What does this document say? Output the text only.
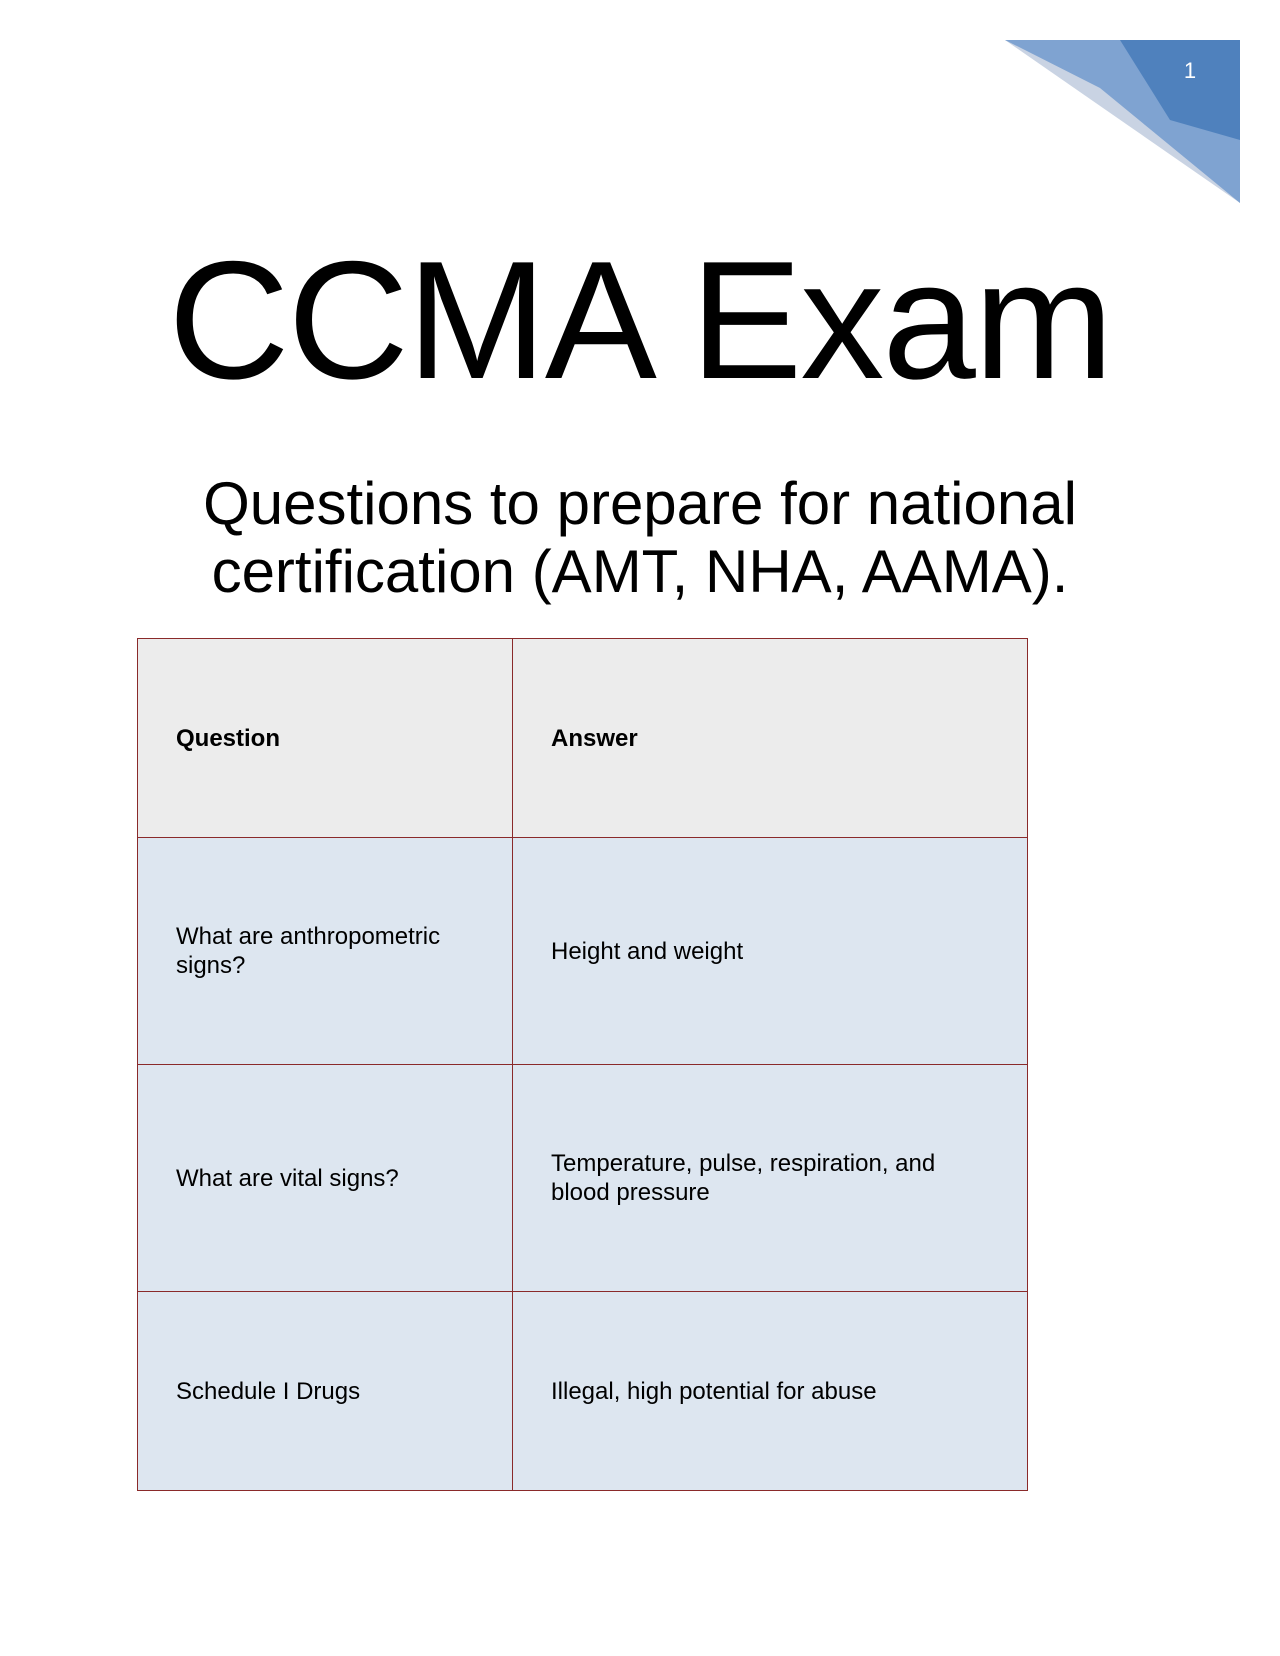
1
CCMA Exam
Questions to prepare for national certification (AMT, NHA, AAMA).
Question	Answer
What are anthropometric signs?	Height and weight
What are vital signs?	Temperature, pulse, respiration, and blood pressure
Schedule I Drugs	Illegal, high potential for abuse
